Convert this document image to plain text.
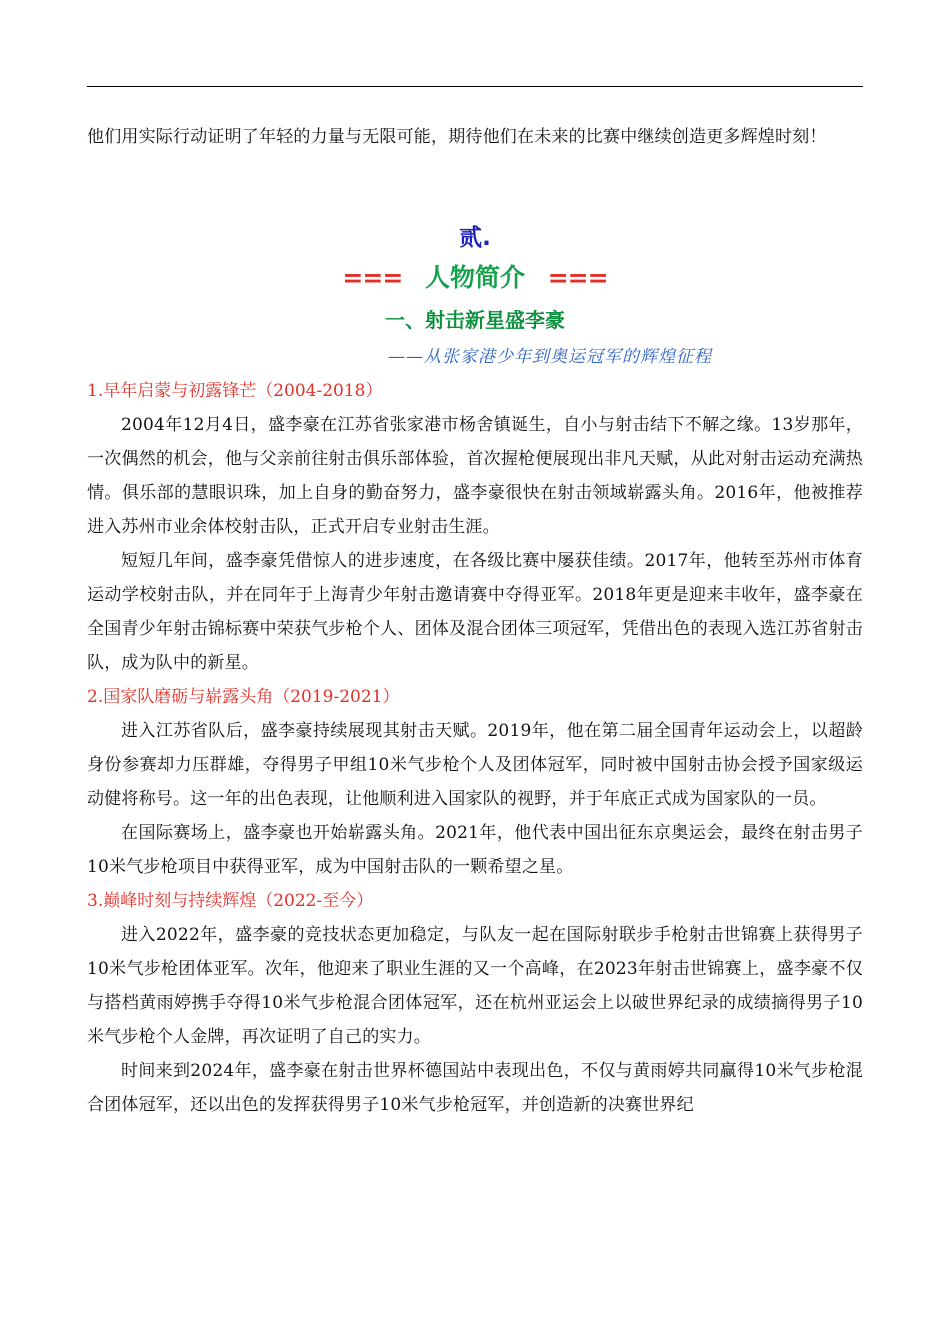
他们用实际行动证明了年轻的力量与无限可能，期待他们在未来的比赛中继续创造更多辉煌时刻！

贰.

=== 人物简介 ===

一、射击新星盛李豪

——从张家港少年到奥运冠军的辉煌征程

1.早年启蒙与初露锋芒（2004-2018）

2004年12月4日，盛李豪在江苏省张家港市杨舍镇诞生，自小与射击结下不解之缘。13岁那年，一次偶然的机会，他与父亲前往射击俱乐部体验，首次握枪便展现出非凡天赋，从此对射击运动充满热情。俱乐部的慧眼识珠，加上自身的勤奋努力，盛李豪很快在射击领域崭露头角。2016年，他被推荐进入苏州市业余体校射击队，正式开启专业射击生涯。

短短几年间，盛李豪凭借惊人的进步速度，在各级比赛中屡获佳绩。2017年，他转至苏州市体育运动学校射击队，并在同年于上海青少年射击邀请赛中夺得亚军。2018年更是迎来丰收年，盛李豪在全国青少年射击锦标赛中荣获气步枪个人、团体及混合团体三项冠军，凭借出色的表现入选江苏省射击队，成为队中的新星。

2.国家队磨砺与崭露头角（2019-2021）

进入江苏省队后，盛李豪持续展现其射击天赋。2019年，他在第二届全国青年运动会上，以超龄身份参赛却力压群雄，夺得男子甲组10米气步枪个人及团体冠军，同时被中国射击协会授予国家级运动健将称号。这一年的出色表现，让他顺利进入国家队的视野，并于年底正式成为国家队的一员。

在国际赛场上，盛李豪也开始崭露头角。2021年，他代表中国出征东京奥运会，最终在射击男子10米气步枪项目中获得亚军，成为中国射击队的一颗希望之星。

3.巅峰时刻与持续辉煌（2022-至今）

进入2022年，盛李豪的竞技状态更加稳定，与队友一起在国际射联步手枪射击世锦赛上获得男子10米气步枪团体亚军。次年，他迎来了职业生涯的又一个高峰，在2023年射击世锦赛上，盛李豪不仅与搭档黄雨婷携手夺得10米气步枪混合团体冠军，还在杭州亚运会上以破世界纪录的成绩摘得男子10米气步枪个人金牌，再次证明了自己的实力。

时间来到2024年，盛李豪在射击世界杯德国站中表现出色，不仅与黄雨婷共同赢得10米气步枪混合团体冠军，还以出色的发挥获得男子10米气步枪冠军，并创造新的决赛世界纪
